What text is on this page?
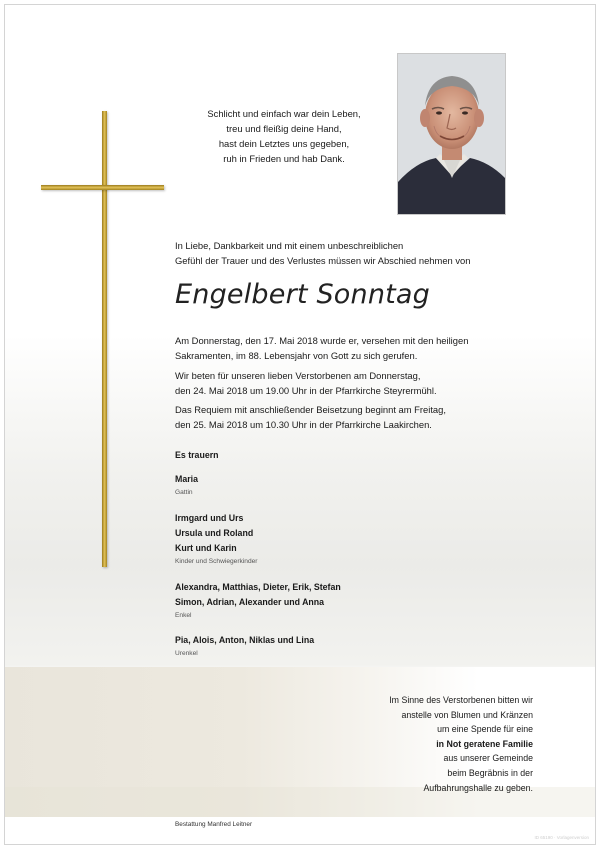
Schlicht und einfach war dein Leben,
treu und fleißig deine Hand,
hast dein Letztes uns gegeben,
ruh in Frieden und hab Dank.
In Liebe, Dankbarkeit und mit einem unbeschreiblichen
Gefühl der Trauer und des Verlustes müssen wir Abschied nehmen von
Engelbert Sonntag
Am Donnerstag, den 17. Mai 2018 wurde er, versehen mit den heiligen
Sakramenten, im 88. Lebensjahr von Gott zu sich gerufen.
Wir beten für unseren lieben Verstorbenen am Donnerstag,
den 24. Mai 2018 um 19.00 Uhr in der Pfarrkirche Steyrermühl.
Das Requiem mit anschließender Beisetzung beginnt am Freitag,
den 25. Mai 2018 um 10.30 Uhr in der Pfarrkirche Laakirchen.
Es trauern
Maria
Gattin
Irmgard und Urs
Ursula und Roland
Kurt und Karin
Kinder und Schwiegerkinder
Alexandra, Matthias, Dieter, Erik, Stefan
Simon, Adrian, Alexander und Anna
Enkel
Pia, Alois, Anton, Niklas und Lina
Urenkel
Im Sinne des Verstorbenen bitten wir
anstelle von Blumen und Kränzen
um eine Spende für eine
in Not geratene Familie
aus unserer Gemeinde
beim Begräbnis in der
Aufbahrungshalle zu geben.
Bestattung Manfred Leitner
ID 65190 · Vorlagenversion
